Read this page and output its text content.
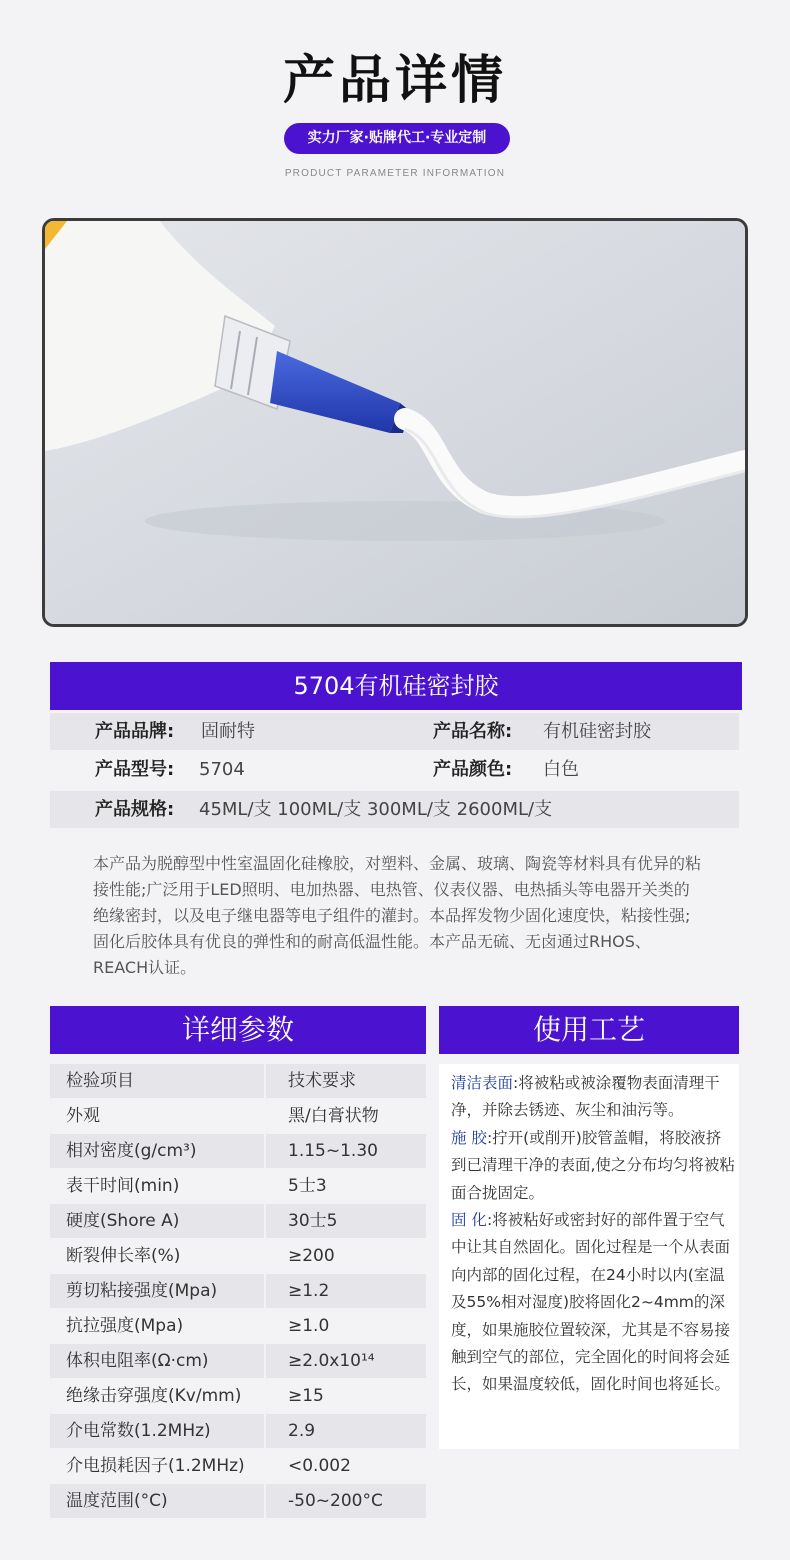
产品详情
实力厂家·贴牌代工·专业定制
PRODUCT PARAMETER INFORMATION
5704有机硅密封胶
产品品牌: 固耐特	产品名称: 有机硅密封胶
产品型号: 5704	产品颜色: 白色
产品规格: 45ML/支 100ML/支 300ML/支 2600ML/支
本产品为脱醇型中性室温固化硅橡胶，对塑料、金属、玻璃、陶瓷等材料具有优异的粘接性能;广泛用于LED照明、电加热器、电热管、仪表仪器、电热插头等电器开关类的绝缘密封，以及电子继电器等电子组件的灌封。本品挥发物少固化速度快，粘接性强;固化后胶体具有优良的弹性和的耐高低温性能。本产品无硫、无卤通过RHOS、REACH认证。
详细参数	使用工艺
检验项目	技术要求
外观	黑/白膏状物
相对密度(g/cm³)	1.15~1.30
表干时间(min)	5士3
硬度(Shore A)	30士5
断裂伸长率(%)	≥200
剪切粘接强度(Mpa)	≥1.2
抗拉强度(Mpa)	≥1.0
体积电阻率(Ω·cm)	≥2.0x10¹⁴
绝缘击穿强度(Kv/mm)	≥15
介电常数(1.2MHz)	2.9
介电损耗因子(1.2MHz)	<0.002
温度范围(°C)	-50~200°C
清洁表面:将被粘或被涂覆物表面清理干净，并除去锈迹、灰尘和油污等。
施 胶:拧开(或削开)胶管盖帽，将胶液挤到已清理干净的表面,使之分布均匀将被粘面合拢固定。
固 化:将被粘好或密封好的部件置于空气中让其自然固化。固化过程是一个从表面向内部的固化过程，在24小时以内(室温及55%相对湿度)胶将固化2~4mm的深度，如果施胶位置较深，尤其是不容易接触到空气的部位，完全固化的时间将会延长，如果温度较低，固化时间也将延长。
